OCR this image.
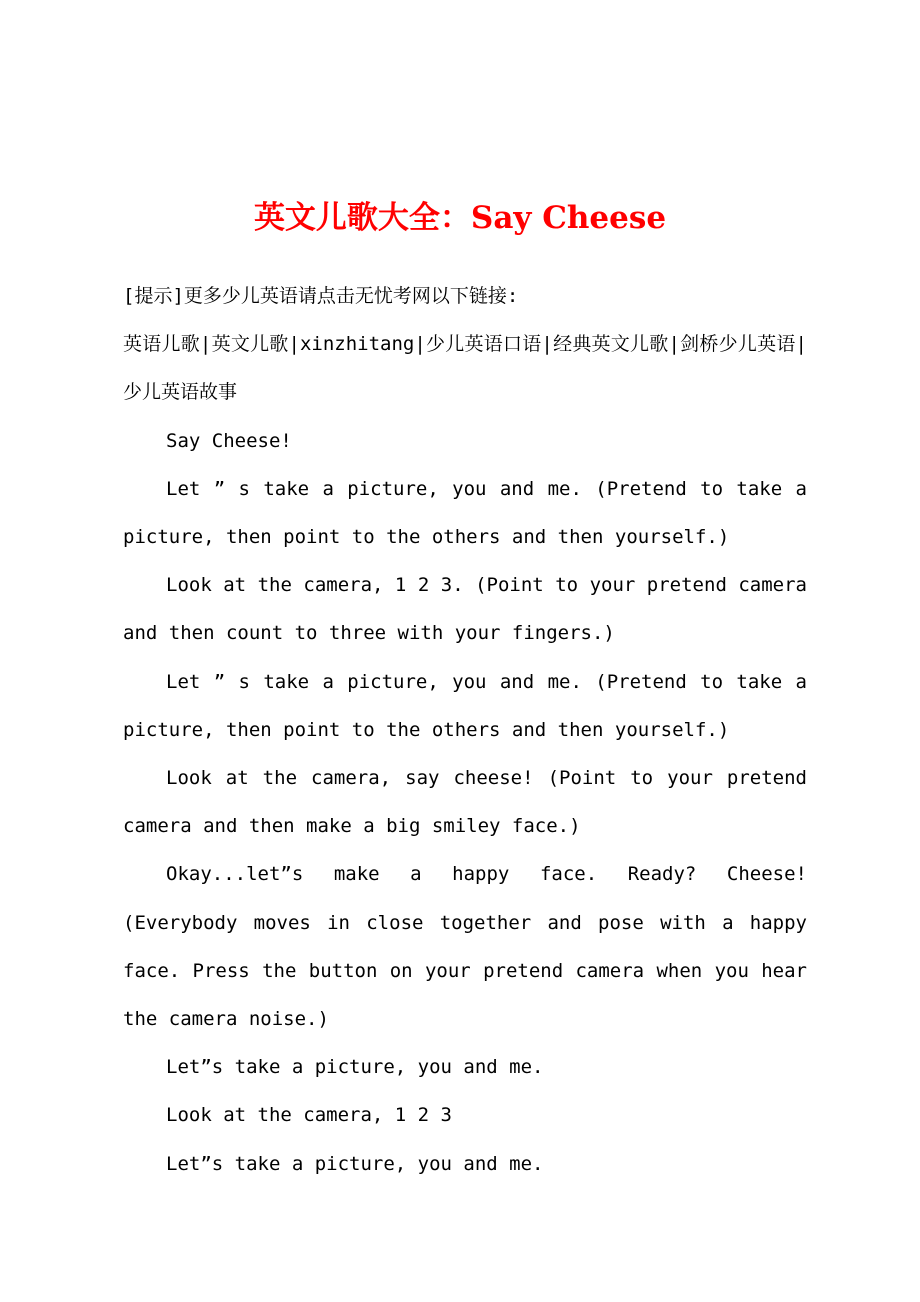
英文儿歌大全：Say Cheese

[提示]更多少儿英语请点击无忧考网以下链接:

英语儿歌|英文儿歌|xinzhitang|少儿英语口语|经典英文儿歌|剑桥少儿英语|少儿英语故事

Say Cheese!

Let ” s take a picture, you and me. (Pretend to take a picture, then point to the others and then yourself.)

Look at the camera, 1 2 3. (Point to your pretend camera and then count to three with your fingers.)

Let ” s take a picture, you and me. (Pretend to take a picture, then point to the others and then yourself.)

Look at the camera, say cheese! (Point to your pretend camera and then make a big smiley face.)

Okay...let”s make a happy face. Ready? Cheese! (Everybody moves in close together and pose with a happy face. Press the button on your pretend camera when you hear the camera noise.)

Let”s take a picture, you and me.

Look at the camera, 1 2 3

Let”s take a picture, you and me.
